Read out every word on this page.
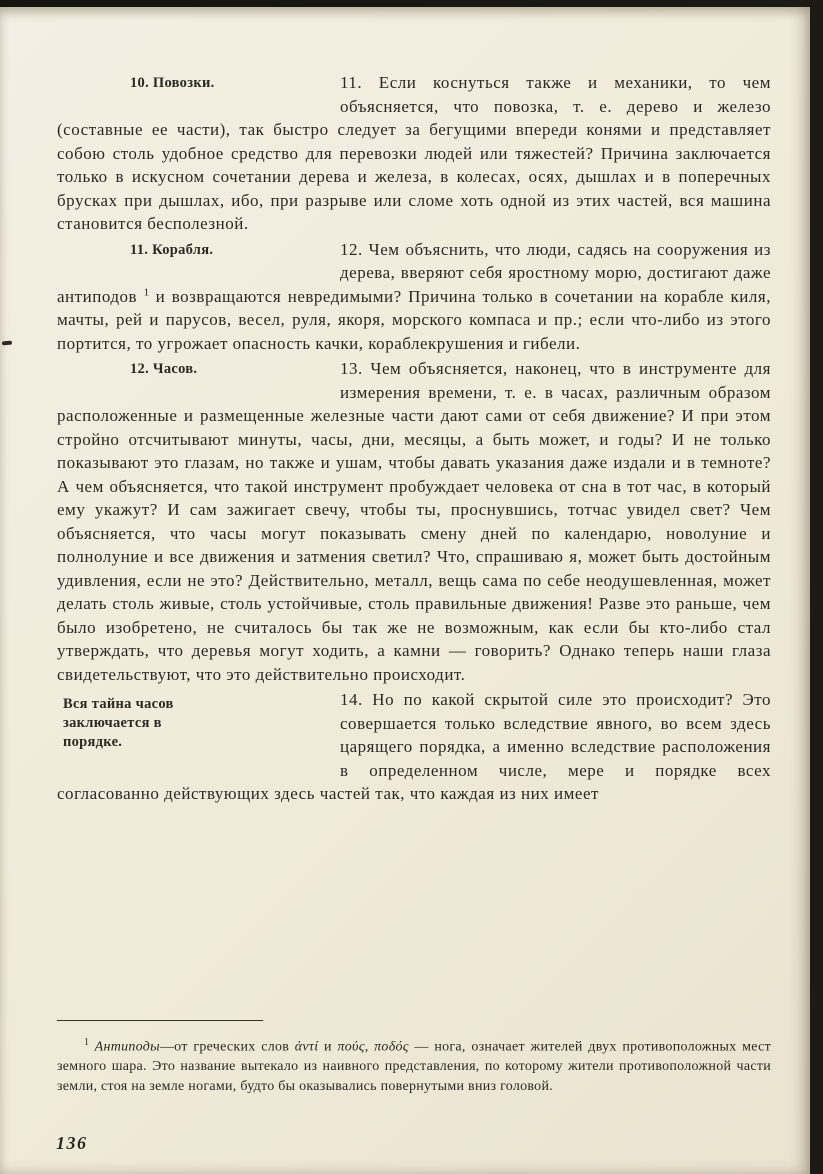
10. Повозки.	11. Если коснуться также и механики, то чем объясняется, что повозка, т. е. дерево и железо (составные ее части), так быстро следует за бегущими впереди конями и представляет собою столь удобное средство для перевозки людей или тяжестей? Причина заключается только в искусном сочетании дерева и железа, в колесах, осях, дышлах и в поперечных брусках при дышлах, ибо, при разрыве или сломе хоть одной из этих частей, вся машина становится бесполезной.
11. Корабля.	12. Чем объяснить, что люди, садясь на сооружения из дерева, вверяют себя яростному морю, достигают даже антиподов $^1$ и возвращаются невредимыми? Причина только в сочетании на корабле киля, мачты, рей и парусов, весел, руля, якоря, морского компаса и пр.; если что-либо из этого портится, то угрожает опасность качки, кораблекрушения и гибели.
12. Часов.	13. Чем объясняется, наконец, что в инструменте для измерения времени, т. е. в часах, различным образом расположенные и размещенные железные части дают сами от себя движение? И при этом стройно отсчитывают минуты, часы, дни, месяцы, а быть может, и годы? И не только показывают это глазам, но также и ушам, чтобы давать указания даже издали и в темноте? А чем объясняется, что такой инструмент пробуждает человека от сна в тот час, в который ему укажут? И сам зажигает свечу, чтобы ты, проснувшись, тотчас увидел свет? Чем объясняется, что часы могут показывать смену дней по календарю, новолуние и полнолуние и все движения и затмения светил? Что, спрашиваю я, может быть достойным удивления, если не это? Действительно, металл, вещь сама по себе неодушевленная, может делать столь живые, столь устойчивые, столь правильные движения! Разве это раньше, чем было изобретено, не считалось бы так же не возможным, как если бы кто-либо стал утверждать, что деревья могут ходить, а камни — говорить? Однако теперь наши глаза свидетельствуют, что это действительно происходит.
Вся тайна часов заключается в порядке.
14. Но по какой скрытой силе это происходит? Это совершается только вследствие явного, во всем здесь царящего порядка, а именно вследствие расположения в определенном числе, мере и порядке всех согласованно действующих здесь частей так, что каждая из них имеет
$^1$ Антиподы—от греческих слов ἀντί и πούς, ποδός — нога, означает жителей двух противоположных мест земного шара. Это название вытекало из наивного представления, по которому жители противоположной части земли, стоя на земле ногами, будто бы оказывались повернутыми вниз головой.
136
